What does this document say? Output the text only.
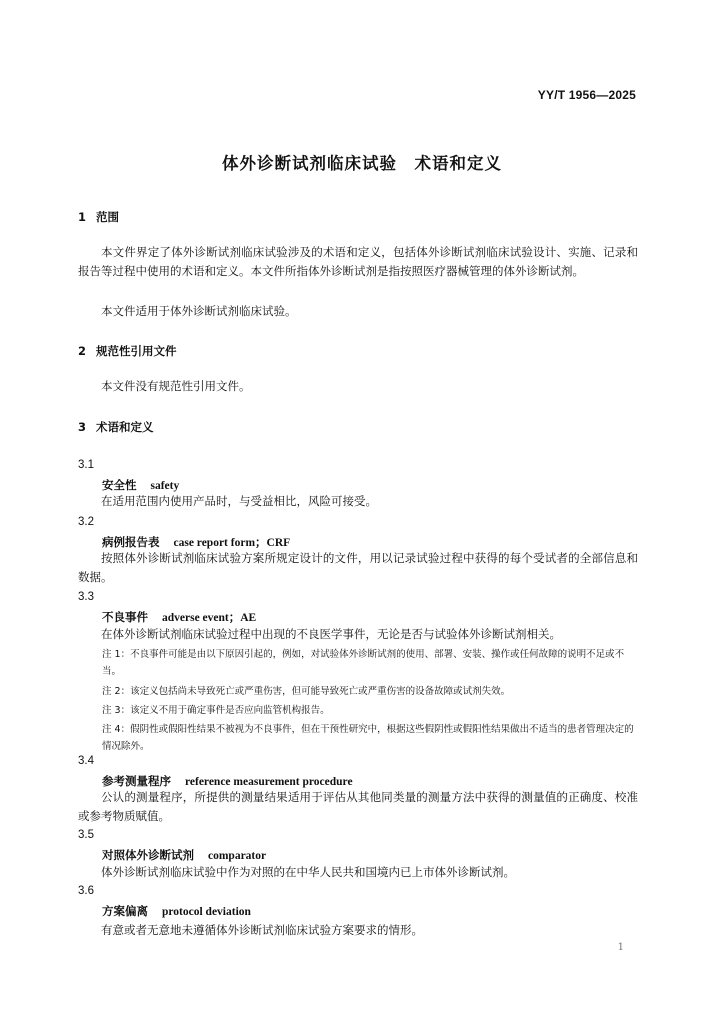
YY/T 1956—2025
体外诊断试剂临床试验　术语和定义
1 范围
本文件界定了体外诊断试剂临床试验涉及的术语和定义，包括体外诊断试剂临床试验设计、实施、记录和报告等过程中使用的术语和定义。本文件所指体外诊断试剂是指按照医疗器械管理的体外诊断试剂。
本文件适用于体外诊断试剂临床试验。
2 规范性引用文件
本文件没有规范性引用文件。
3 术语和定义
3.1
安全性 safety
在适用范围内使用产品时，与受益相比，风险可接受。
3.2
病例报告表 case report form；CRF
按照体外诊断试剂临床试验方案所规定设计的文件，用以记录试验过程中获得的每个受试者的全部信息和数据。
3.3
不良事件 adverse event；AE
在体外诊断试剂临床试验过程中出现的不良医学事件，无论是否与试验体外诊断试剂相关。
注 1：不良事件可能是由以下原因引起的，例如，对试验体外诊断试剂的使用、部署、安装、操作或任何故障的说明不足或不当。
注 2：该定义包括尚未导致死亡或严重伤害，但可能导致死亡或严重伤害的设备故障或试剂失效。
注 3：该定义不用于确定事件是否应向监管机构报告。
注 4：假阴性或假阳性结果不被视为不良事件，但在干预性研究中，根据这些假阴性或假阳性结果做出不适当的患者管理决定的情况除外。
3.4
参考测量程序 reference measurement procedure
公认的测量程序，所提供的测量结果适用于评估从其他同类量的测量方法中获得的测量值的正确度、校准或参考物质赋值。
3.5
对照体外诊断试剂 comparator
体外诊断试剂临床试验中作为对照的在中华人民共和国境内已上市体外诊断试剂。
3.6
方案偏离 protocol deviation
有意或者无意地未遵循体外诊断试剂临床试验方案要求的情形。
1
